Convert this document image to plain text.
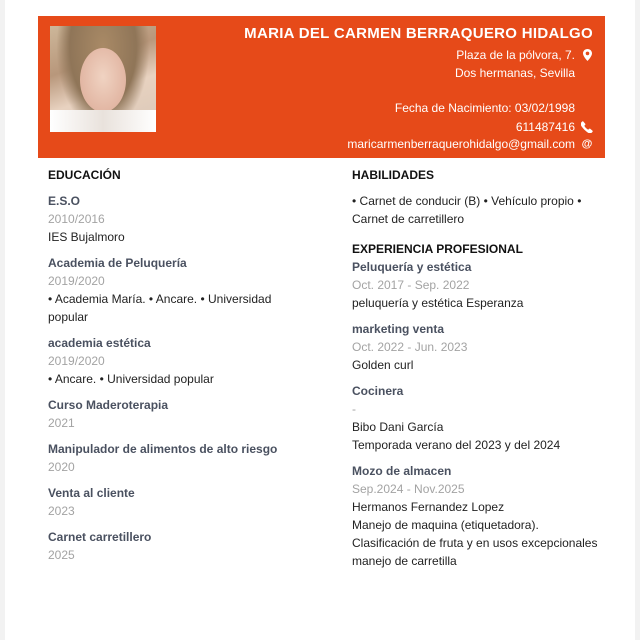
MARIA DEL CARMEN BERRAQUERO HIDALGO
Plaza de la pólvora, 7.
Dos hermanas, Sevilla
Fecha de Nacimiento: 03/02/1998
611487416
maricarmenberraquerohidalgo@gmail.com @
EDUCACIÓN
E.S.O
2010/2016
IES Bujalmoro
Academia de Peluquería
2019/2020
• Academia María. • Ancare. • Universidad popular
academia estética
2019/2020
• Ancare. • Universidad popular
Curso Maderoterapia
2021
Manipulador de alimentos de alto riesgo
2020
Venta al cliente
2023
Carnet carretillero
2025
HABILIDADES
• Carnet de conducir (B) • Vehículo propio • Carnet de carretillero
EXPERIENCIA PROFESIONAL
Peluquería y estética
Oct. 2017 - Sep. 2022
peluquería y estética Esperanza
marketing venta
Oct. 2022 - Jun. 2023
Golden curl
Cocinera
-
Bibo Dani García
Temporada verano del 2023 y del 2024
Mozo de almacen
Sep.2024 - Nov.2025
Hermanos Fernandez Lopez
Manejo de maquina (etiquetadora).
Clasificación de fruta y en usos excepcionales manejo de carretilla
